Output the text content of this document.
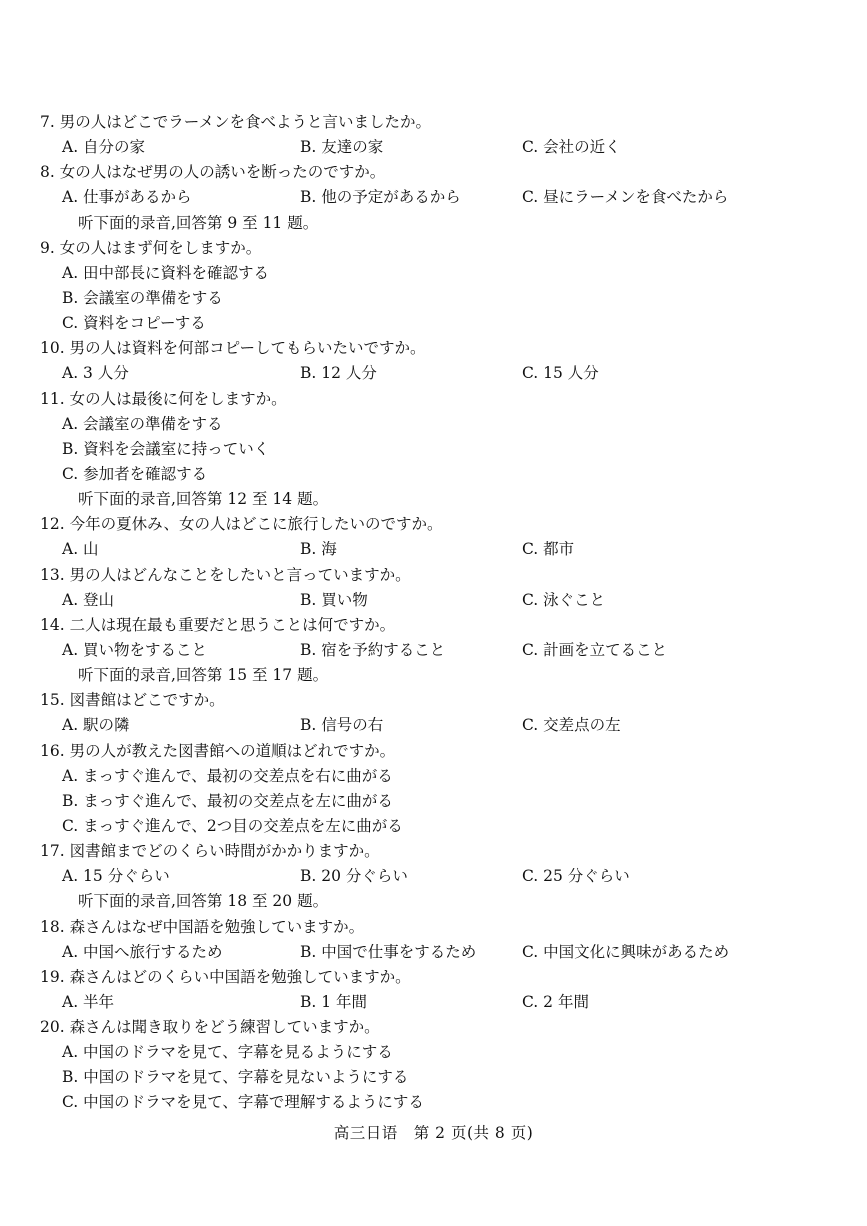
7. 男の人はどこでラーメンを食べようと言いましたか。
A. 自分の家	B. 友達の家	C. 会社の近く
8. 女の人はなぜ男の人の誘いを断ったのですか。
A. 仕事があるから	B. 他の予定があるから	C. 昼にラーメンを食べたから
听下面的录音,回答第 9 至 11 题。
9. 女の人はまず何をしますか。
A. 田中部長に資料を確認する
B. 会議室の準備をする
C. 資料をコピーする
10. 男の人は資料を何部コピーしてもらいたいですか。
A. 3 人分	B. 12 人分	C. 15 人分
11. 女の人は最後に何をしますか。
A. 会議室の準備をする
B. 資料を会議室に持っていく
C. 参加者を確認する
听下面的录音,回答第 12 至 14 题。
12. 今年の夏休み、女の人はどこに旅行したいのですか。
A. 山	B. 海	C. 都市
13. 男の人はどんなことをしたいと言っていますか。
A. 登山	B. 買い物	C. 泳ぐこと
14. 二人は現在最も重要だと思うことは何ですか。
A. 買い物をすること	B. 宿を予約すること	C. 計画を立てること
听下面的录音,回答第 15 至 17 题。
15. 図書館はどこですか。
A. 駅の隣	B. 信号の右	C. 交差点の左
16. 男の人が教えた図書館への道順はどれですか。
A. まっすぐ進んで、最初の交差点を右に曲がる
B. まっすぐ進んで、最初の交差点を左に曲がる
C. まっすぐ進んで、2つ目の交差点を左に曲がる
17. 図書館までどのくらい時間がかかりますか。
A. 15 分ぐらい	B. 20 分ぐらい	C. 25 分ぐらい
听下面的录音,回答第 18 至 20 题。
18. 森さんはなぜ中国語を勉強していますか。
A. 中国へ旅行するため	B. 中国で仕事をするため	C. 中国文化に興味があるため
19. 森さんはどのくらい中国語を勉強していますか。
A. 半年	B. 1 年間	C. 2 年間
20. 森さんは聞き取りをどう練習していますか。
A. 中国のドラマを見て、字幕を見るようにする
B. 中国のドラマを見て、字幕を見ないようにする
C. 中国のドラマを見て、字幕で理解するようにする
高三日语　第 2 页(共 8 页)
